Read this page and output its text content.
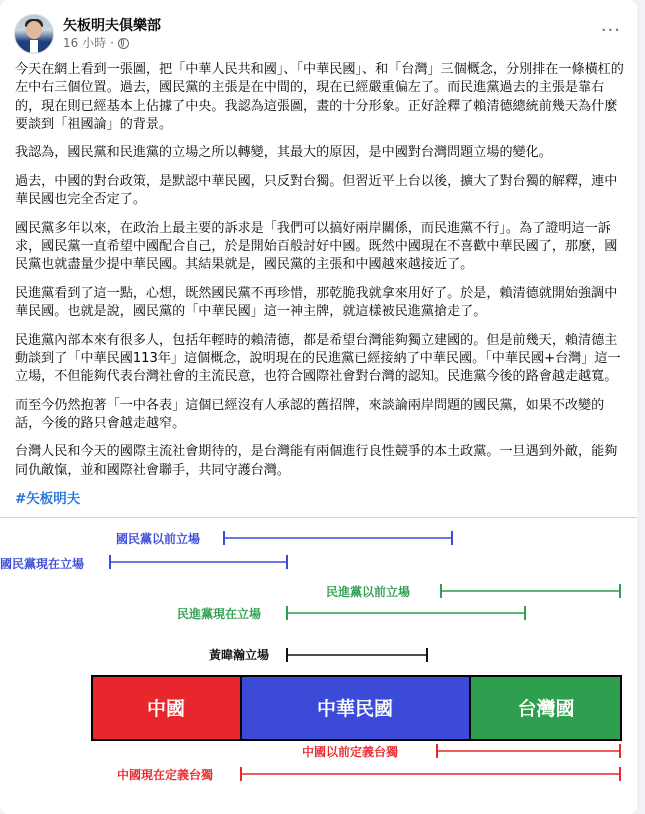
矢板明夫俱樂部
16 小時 ·
···

今天在網上看到一張圖，把「中華人民共和國」、「中華民國」、和「台灣」三個概念，分別排在一條橫杠的左中右三個位置。過去，國民黨的主張是在中間的，現在已經嚴重偏左了。而民進黨過去的主張是靠右的，現在則已經基本上佔據了中央。我認為這張圖，畫的十分形象。正好詮釋了賴清德總統前幾天為什麼要談到「祖國論」的背景。

我認為，國民黨和民進黨的立場之所以轉變，其最大的原因，是中國對台灣問題立場的變化。

過去，中國的對台政策，是默認中華民國，只反對台獨。但習近平上台以後，擴大了對台獨的解釋，連中華民國也完全否定了。

國民黨多年以來，在政治上最主要的訴求是「我們可以搞好兩岸關係，而民進黨不行」。為了證明這一訴求，國民黨一直希望中國配合自己，於是開始百般討好中國。既然中國現在不喜歡中華民國了，那麼，國民黨也就盡量少提中華民國。其結果就是，國民黨的主張和中國越來越接近了。

民進黨看到了這一點，心想，既然國民黨不再珍惜，那乾脆我就拿來用好了。於是，賴清德就開始強調中華民國。也就是說，國民黨的「中華民國」這一神主牌，就這樣被民進黨搶走了。

民進黨內部本來有很多人，包括年輕時的賴清德，都是希望台灣能夠獨立建國的。但是前幾天，賴清德主動談到了「中華民國113年」這個概念，說明現在的民進黨已經接納了中華民國。「中華民國+台灣」這一立場，不但能夠代表台灣社會的主流民意，也符合國際社會對台灣的認知。民進黨今後的路會越走越寬。

而至今仍然抱著「一中各表」這個已經沒有人承認的舊招牌，來談論兩岸問題的國民黨，如果不改變的話，今後的路只會越走越窄。

台灣人民和今天的國際主流社會期待的，是台灣能有兩個進行良性競爭的本土政黨。一旦遇到外敵，能夠同仇敵愾，並和國際社會聯手，共同守護台灣。

#矢板明夫
國民黨以前立場
國民黨現在立場
民進黨以前立場
民進黨現在立場
黃暐瀚立場
中國	中華民國	台灣國
中國以前定義台獨
中國現在定義台獨
